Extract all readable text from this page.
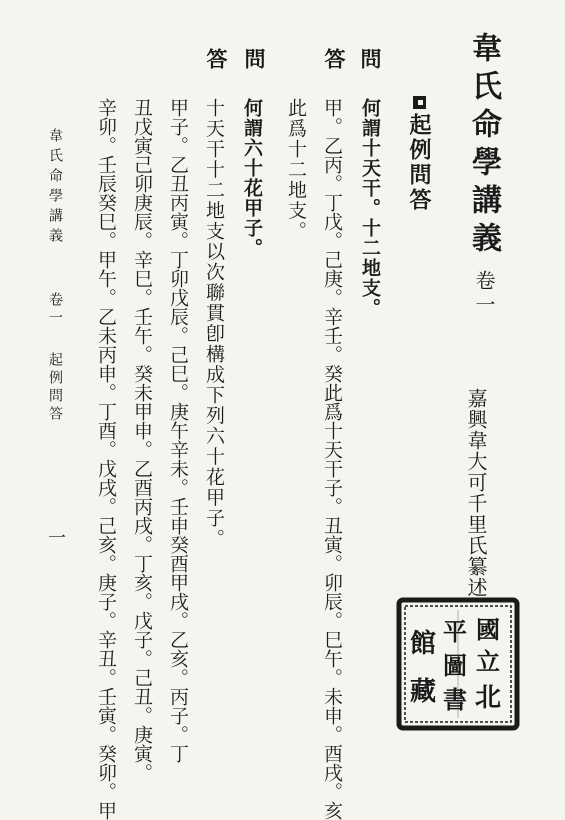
韋氏命學講義
卷一
嘉興韋大可千里氏纂述
起例問答
問
何謂十天干。十二地支。
答
甲。乙丙。丁戊。己庚。辛壬。癸此爲十天干子。丑寅。卯辰。巳午。未申。酉戌。亥
此爲十二地支。
問
何謂六十花甲子。
答
十天干十二地支以次聯貫卽構成下列六十花甲子。
甲子。乙丑丙寅。丁卯戊辰。己巳。庚午辛未。壬申癸酉甲戌。乙亥。丙子。丁
丑戊寅己卯庚辰。辛巳。壬午。癸未甲申。乙酉丙戌。丁亥。戊子。己丑。庚寅。
辛卯。壬辰癸巳。甲午。乙未丙申。丁酉。戊戌。己亥。庚子。辛丑。壬寅。癸卯。甲
韋氏命學講義
卷一
起例問答
一
國
立
北
平
圖
書
館
藏
